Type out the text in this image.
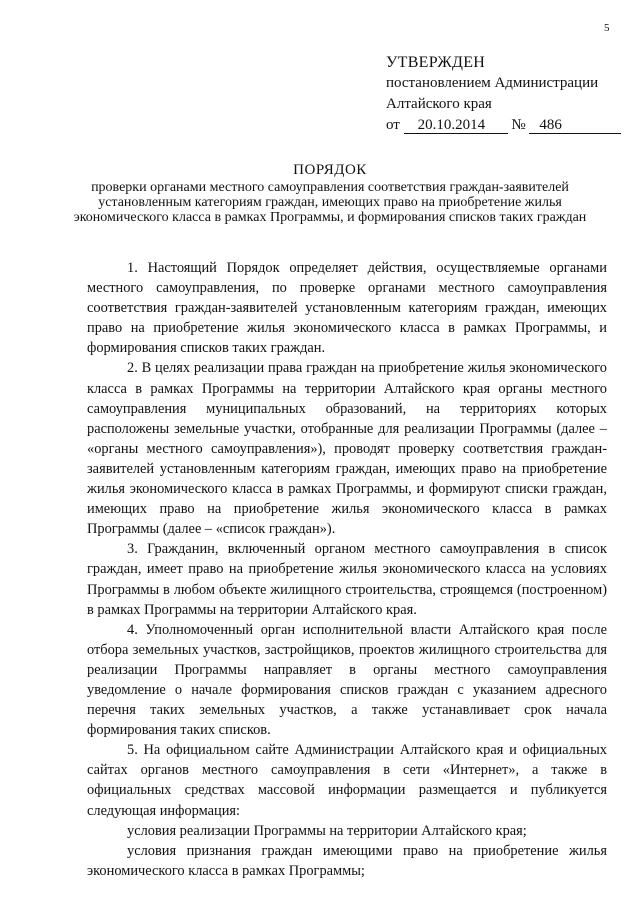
5
УТВЕРЖДЕН
постановлением Администрации
Алтайского края
от 20.10.2014 № 486
ПОРЯДОК
проверки органами местного самоуправления соответствия граждан-заявителей установленным категориям граждан, имеющих право на приобретение жилья экономического класса в рамках Программы, и формирования списков таких граждан

1. Настоящий Порядок определяет действия, осуществляемые органами местного самоуправления, по проверке органами местного самоуправления соответствия граждан-заявителей установленным категориям граждан, имеющих право на приобретение жилья экономического класса в рамках Программы, и формирования списков таких граждан.

2. В целях реализации права граждан на приобретение жилья экономического класса в рамках Программы на территории Алтайского края органы местного самоуправления муниципальных образований, на территориях которых расположены земельные участки, отобранные для реализации Программы (далее – «органы местного самоуправления»), проводят проверку соответствия граждан-заявителей установленным категориям граждан, имеющих право на приобретение жилья экономического класса в рамках Программы, и формируют списки граждан, имеющих право на приобретение жилья экономического класса в рамках Программы (далее – «список граждан»).

3. Гражданин, включенный органом местного самоуправления в список граждан, имеет право на приобретение жилья экономического класса на условиях Программы в любом объекте жилищного строительства, строящемся (построенном) в рамках Программы на территории Алтайского края.

4. Уполномоченный орган исполнительной власти Алтайского края после отбора земельных участков, застройщиков, проектов жилищного строительства для реализации Программы направляет в органы местного самоуправления уведомление о начале формирования списков граждан с указанием адресного перечня таких земельных участков, а также устанавливает срок начала формирования таких списков.

5. На официальном сайте Администрации Алтайского края и официальных сайтах органов местного самоуправления в сети «Интернет», а также в официальных средствах массовой информации размещается и публикуется следующая информация:

условия реализации Программы на территории Алтайского края;

условия признания граждан имеющими право на приобретение жилья экономического класса в рамках Программы;
